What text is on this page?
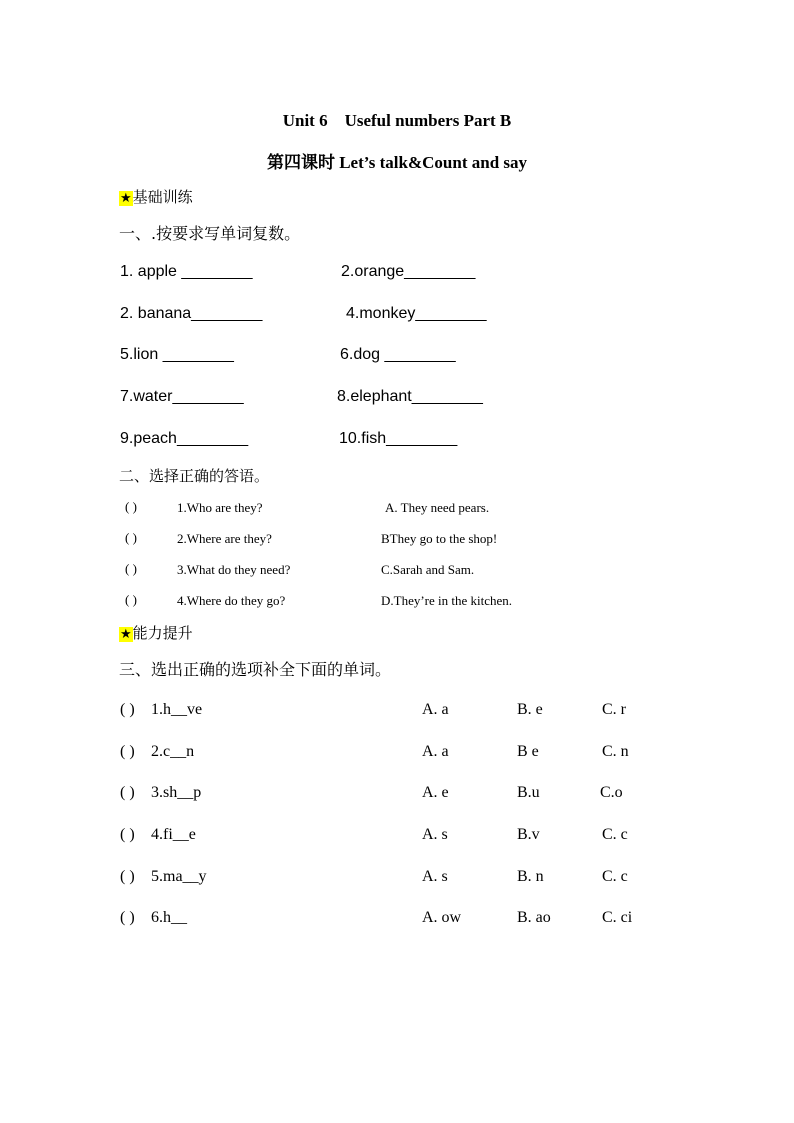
Unit 6　Useful numbers Part B
第四课时 Let’s talk&Count and say
★基础训练
一、.按要求写单词复数。
1. apple ________	2.orange________
2. banana________	4.monkey________
5.lion ________	6.dog ________
7.water________	8.elephant________
9.peach________	10.fish________
二、选择正确的答语。
( )	1.Who are they?	A. They need pears.
( )	2.Where are they?	BThey go to the shop!
( )	3.What do they need?	C.Sarah and Sam.
( )	4.Where do they go?	D.They’re in the kitchen.
★能力提升
三、选出正确的选项补全下面的单词。
( ) 1.h__ve	A. a	B. e	C. r
( ) 2.c__n	A. a	B e	C. n
( ) 3.sh__p	A. e	B.u	C.o
( ) 4.fi__e	A. s	B.v	C. c
( ) 5.ma__y	A. s	B. n	C. c
( ) 6.h__	A. ow	B. ao	C. ci
